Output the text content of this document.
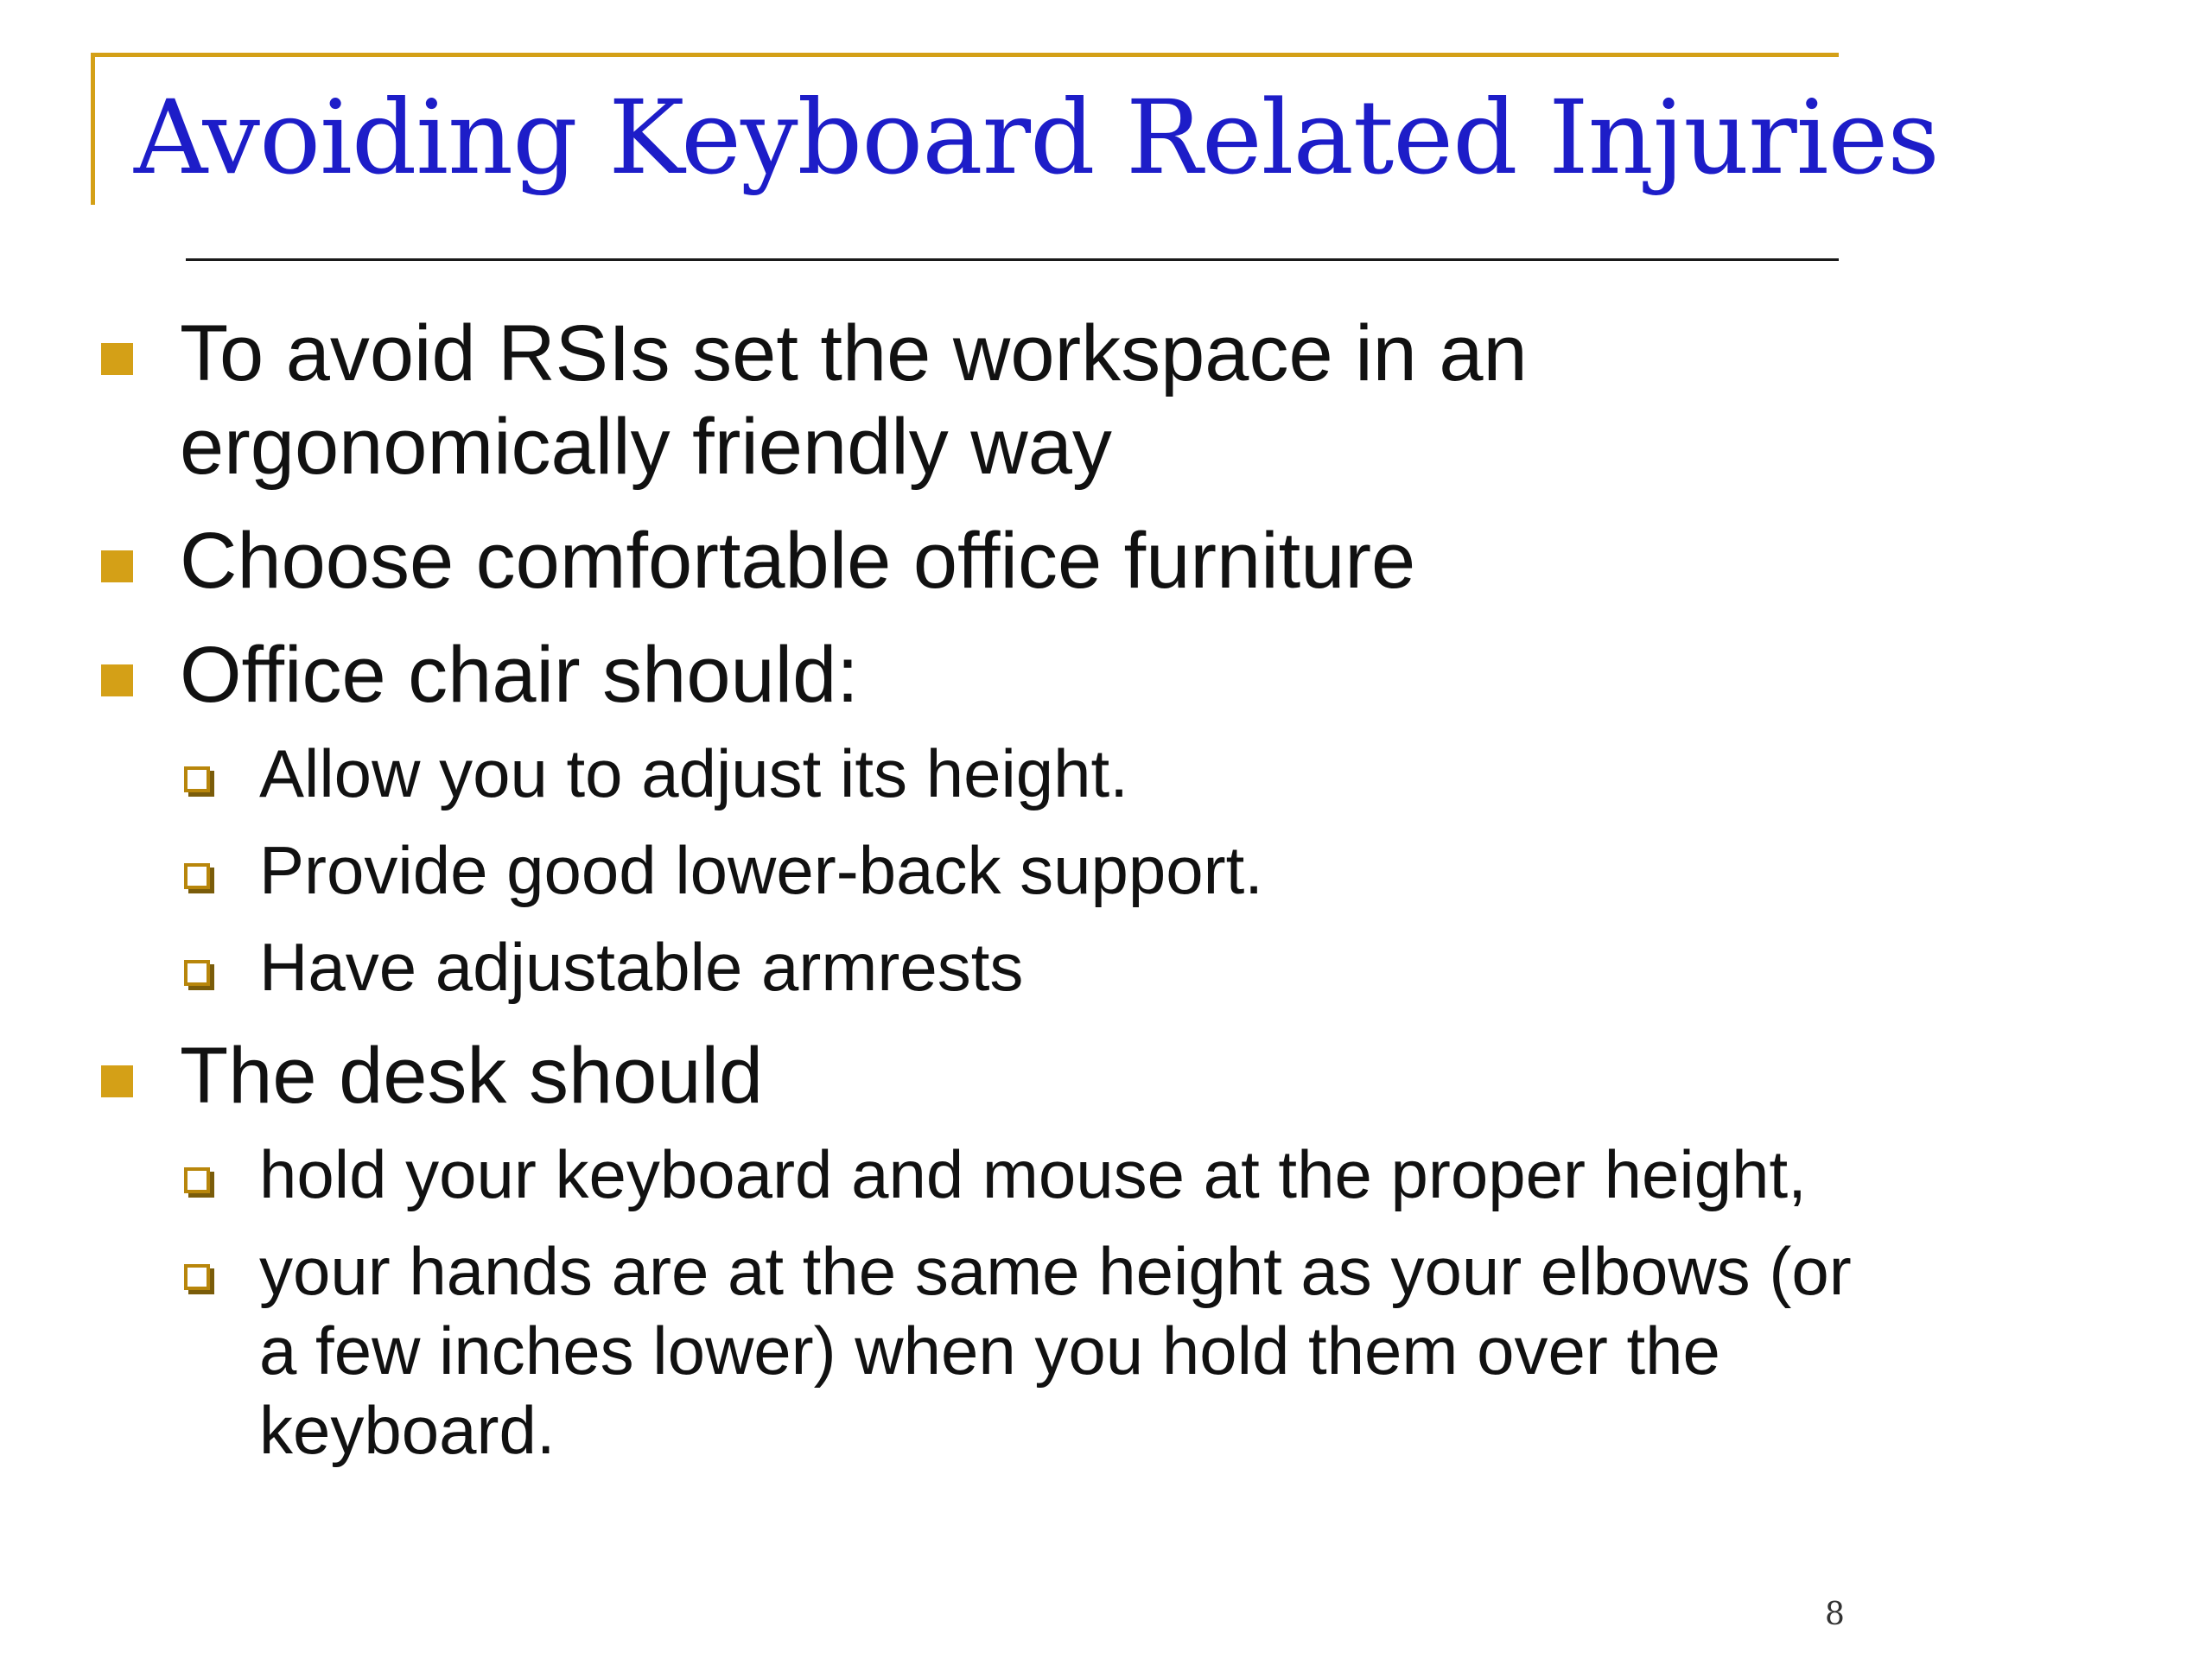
Avoiding Keyboard Related Injuries
To avoid RSIs set the workspace in an ergonomically friendly way
Choose comfortable office furniture
Office chair should:
Allow you to adjust its height.
Provide good lower-back support.
Have adjustable armrests
The desk should
hold your keyboard and mouse at the proper height,
your hands are at the same height as your elbows (or a few inches lower) when you hold them over the keyboard.
8
